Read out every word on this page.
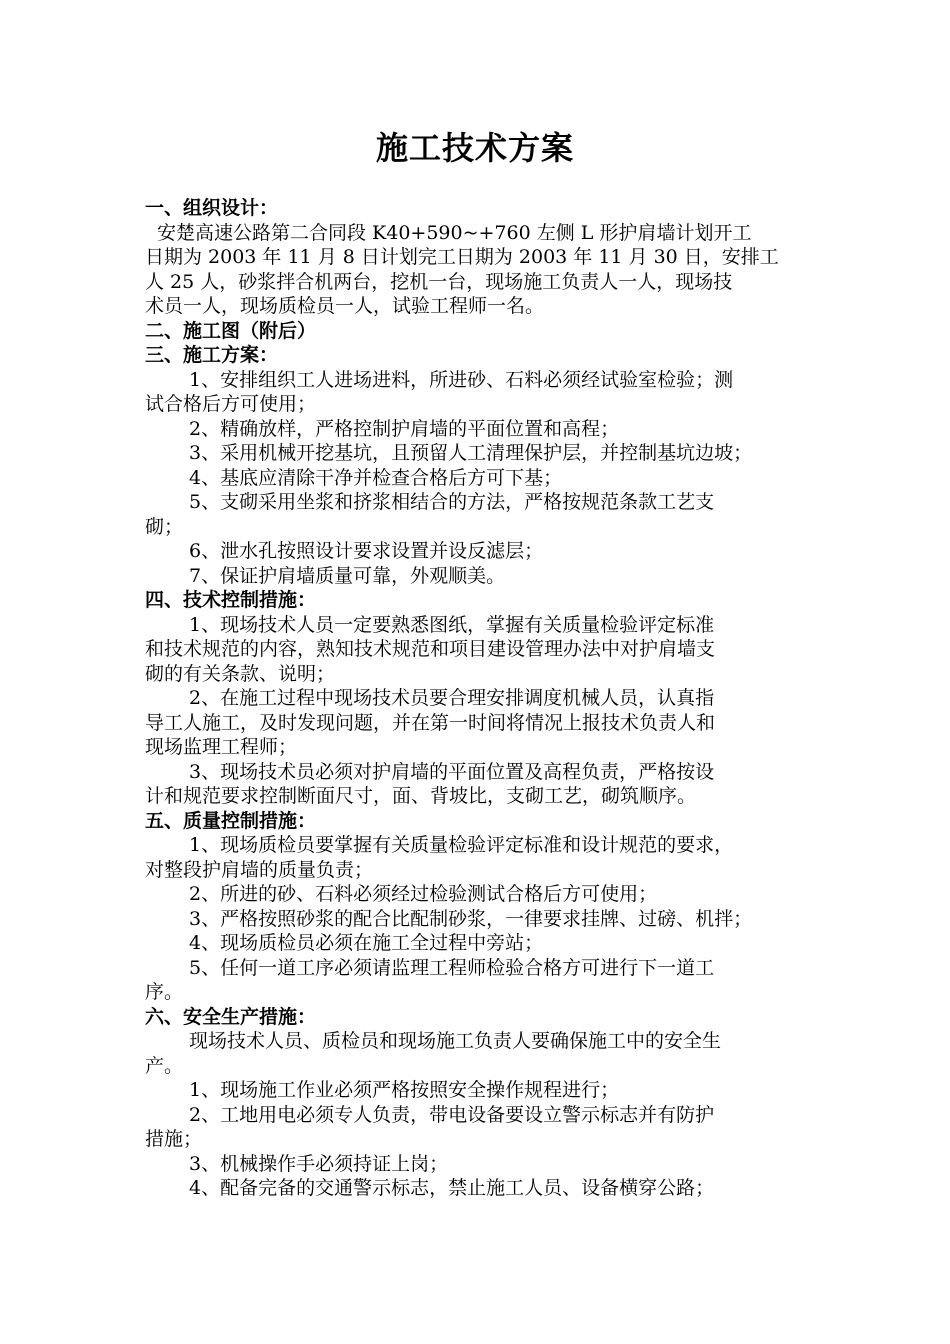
施工技术方案
一、组织设计：
安楚高速公路第二合同段 K40+590~+760 左侧 L 形护肩墙计划开工
日期为 2003 年 11 月 8 日计划完工日期为 2003 年 11 月 30 日，安排工
人 25 人，砂浆拌合机两台，挖机一台，现场施工负责人一人，现场技
术员一人，现场质检员一人，试验工程师一名。
二、施工图（附后）
三、施工方案：
1、安排组织工人进场进料，所进砂、石料必须经试验室检验；测
试合格后方可使用；
2、精确放样，严格控制护肩墙的平面位置和高程；
3、采用机械开挖基坑，且预留人工清理保护层，并控制基坑边坡；
4、基底应清除干净并检查合格后方可下基；
5、支砌采用坐浆和挤浆相结合的方法，严格按规范条款工艺支
砌；
6、泄水孔按照设计要求设置并设反滤层；
7、保证护肩墙质量可靠，外观顺美。
四、技术控制措施：
1、现场技术人员一定要熟悉图纸，掌握有关质量检验评定标准
和技术规范的内容，熟知技术规范和项目建设管理办法中对护肩墙支
砌的有关条款、说明；
2、在施工过程中现场技术员要合理安排调度机械人员，认真指
导工人施工，及时发现问题，并在第一时间将情况上报技术负责人和
现场监理工程师；
3、现场技术员必须对护肩墙的平面位置及高程负责，严格按设
计和规范要求控制断面尺寸，面、背坡比，支砌工艺，砌筑顺序。
五、质量控制措施：
1、现场质检员要掌握有关质量检验评定标准和设计规范的要求，
对整段护肩墙的质量负责；
2、所进的砂、石料必须经过检验测试合格后方可使用；
3、严格按照砂浆的配合比配制砂浆，一律要求挂牌、过磅、机拌；
4、现场质检员必须在施工全过程中旁站；
5、任何一道工序必须请监理工程师检验合格方可进行下一道工
序。
六、安全生产措施：
现场技术人员、质检员和现场施工负责人要确保施工中的安全生
产。
1、现场施工作业必须严格按照安全操作规程进行；
2、工地用电必须专人负责，带电设备要设立警示标志并有防护
措施；
3、机械操作手必须持证上岗；
4、配备完备的交通警示标志，禁止施工人员、设备横穿公路；
